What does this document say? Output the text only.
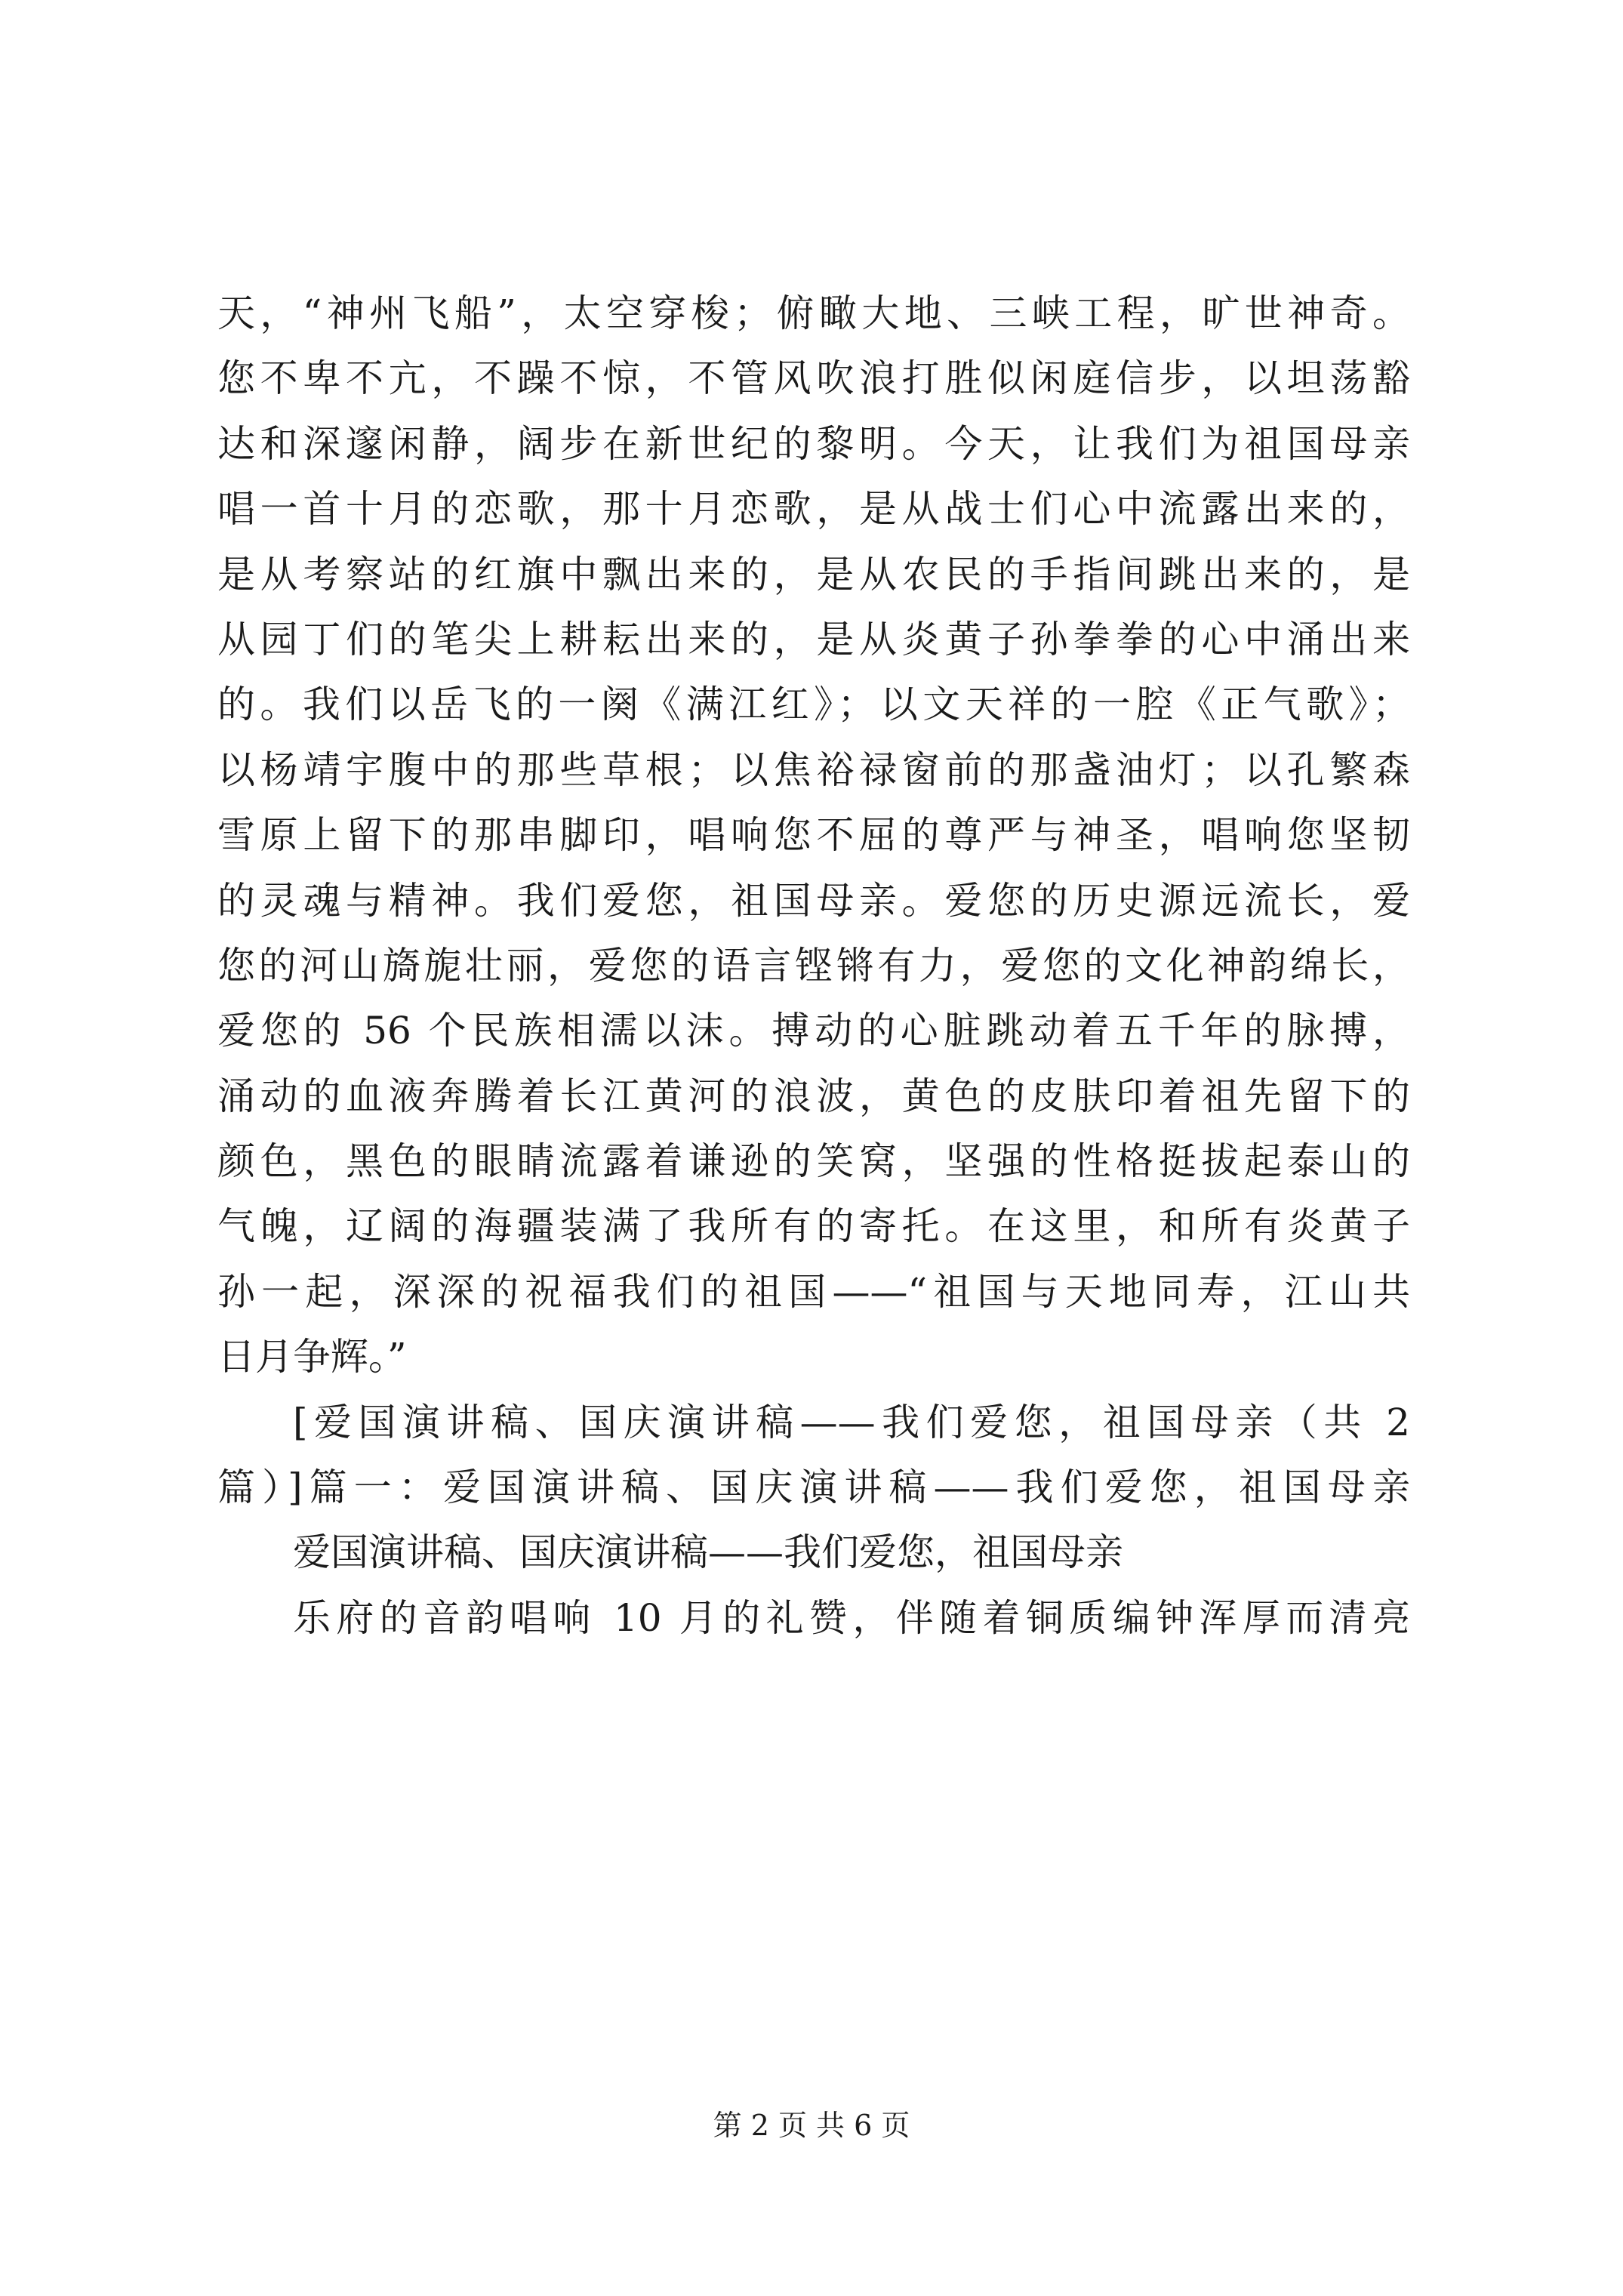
天，“神州飞船”，太空穿梭；俯瞰大地、三峡工程，旷世神奇。
您不卑不亢，不躁不惊，不管风吹浪打胜似闲庭信步，以坦荡豁
达和深邃闲静，阔步在新世纪的黎明。今天，让我们为祖国母亲
唱一首十月的恋歌，那十月恋歌，是从战士们心中流露出来的，
是从考察站的红旗中飘出来的，是从农民的手指间跳出来的，是
从园丁们的笔尖上耕耘出来的，是从炎黄子孙拳拳的心中涌出来
的。我们以岳飞的一阕《满江红》；以文天祥的一腔《正气歌》；
以杨靖宇腹中的那些草根；以焦裕禄窗前的那盏油灯；以孔繁森
雪原上留下的那串脚印，唱响您不屈的尊严与神圣，唱响您坚韧
的灵魂与精神。我们爱您，祖国母亲。爱您的历史源远流长，爱
您的河山旖旎壮丽，爱您的语言铿锵有力，爱您的文化神韵绵长，
爱您的 56 个民族相濡以沫。搏动的心脏跳动着五千年的脉搏，
涌动的血液奔腾着长江黄河的浪波，黄色的皮肤印着祖先留下的
颜色，黑色的眼睛流露着谦逊的笑窝，坚强的性格挺拔起泰山的
气魄，辽阔的海疆装满了我所有的寄托。在这里，和所有炎黄子
孙一起，深深的祝福我们的祖国——“祖国与天地同寿，江山共
日月争辉。”
[爱国演讲稿、国庆演讲稿——我们爱您，祖国母亲（共 2
篇）]篇一：爱国演讲稿、国庆演讲稿——我们爱您，祖国母亲
爱国演讲稿、国庆演讲稿——我们爱您，祖国母亲
乐府的音韵唱响 10 月的礼赞，伴随着铜质编钟浑厚而清亮
第 2 页 共 6 页
